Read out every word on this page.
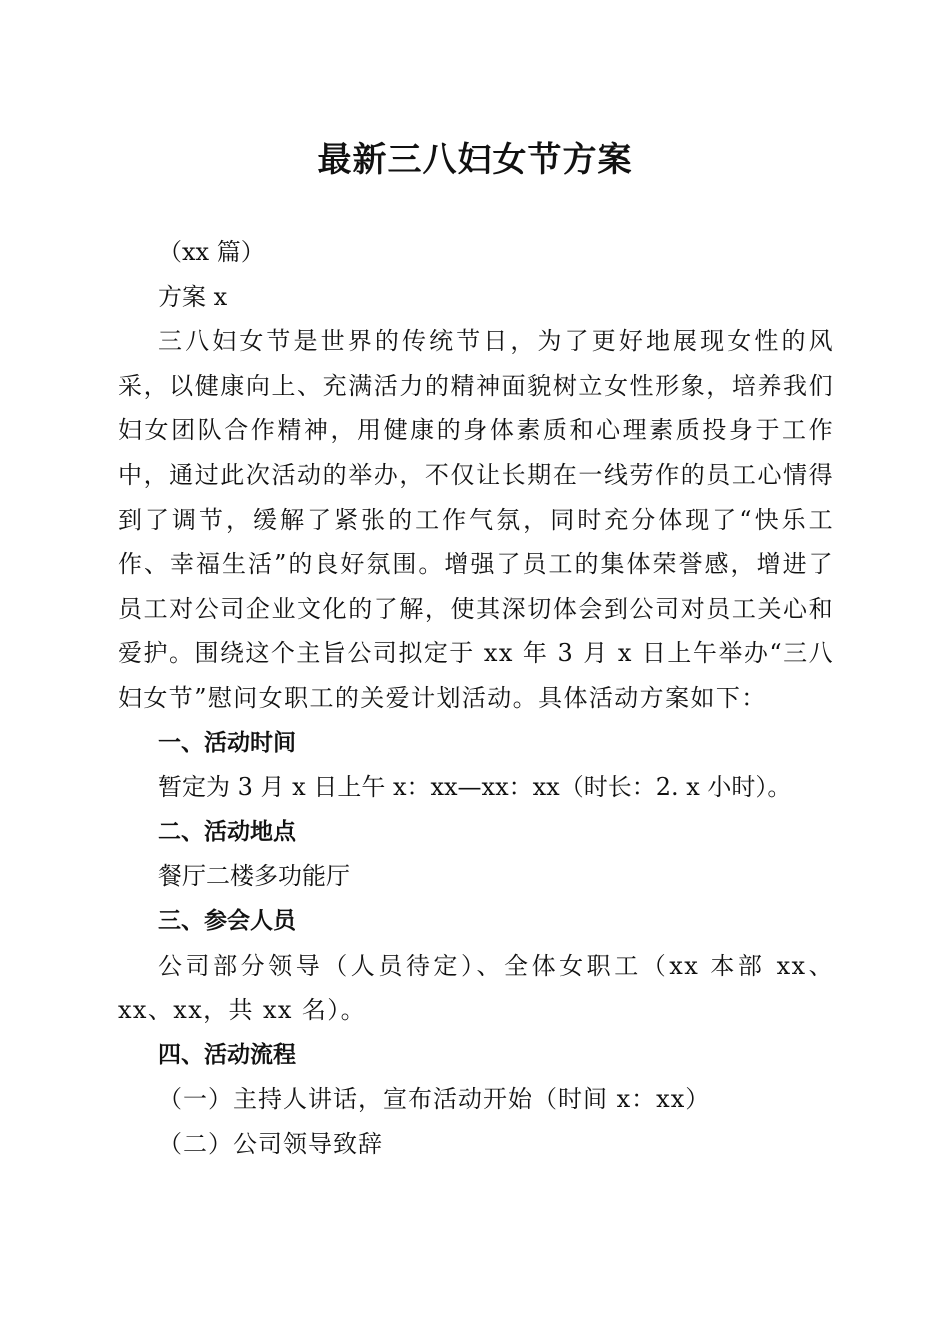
最新三八妇女节方案

（xx 篇）

方案 x

三八妇女节是世界的传统节日，为了更好地展现女性的风采，以健康向上、充满活力的精神面貌树立女性形象，培养我们妇女团队合作精神，用健康的身体素质和心理素质投身于工作中，通过此次活动的举办，不仅让长期在一线劳作的员工心情得到了调节，缓解了紧张的工作气氛，同时充分体现了“快乐工作、幸福生活”的良好氛围。增强了员工的集体荣誉感，增进了员工对公司企业文化的了解，使其深切体会到公司对员工关心和爱护。围绕这个主旨公司拟定于 xx 年 3 月 x 日上午举办“三八妇女节”慰问女职工的关爱计划活动。具体活动方案如下：

一、活动时间

暂定为 3 月 x 日上午 x：xx—xx：xx（时长：2. x 小时）。

二、活动地点

餐厅二楼多功能厅

三、参会人员

公司部分领导（人员待定）、全体女职工（xx 本部 xx、xx、xx，共 xx 名）。

四、活动流程

（一）主持人讲话，宣布活动开始（时间 x：xx）

（二）公司领导致辞
